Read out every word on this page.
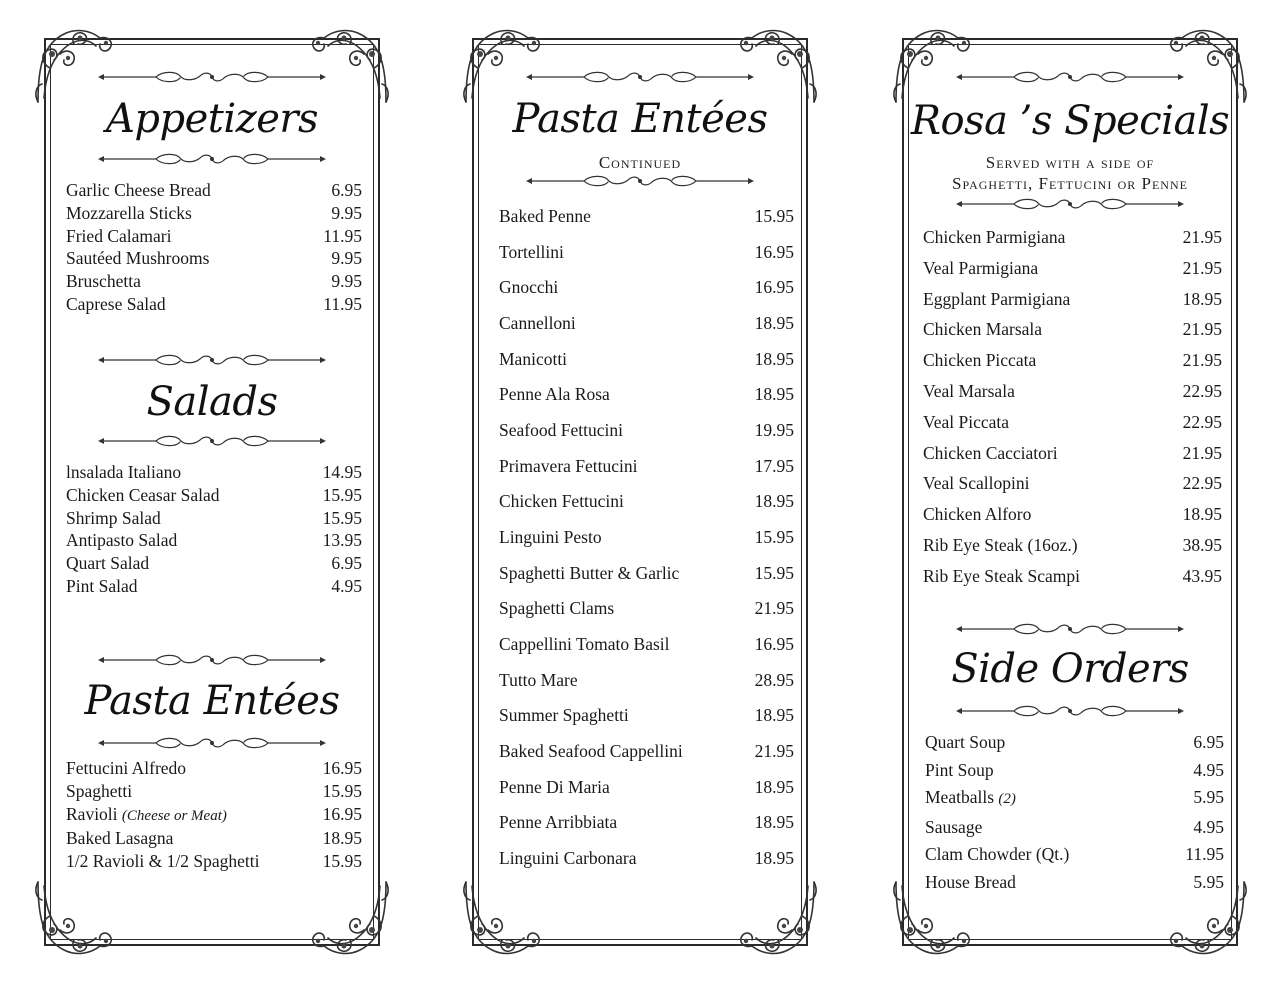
Appetizers
Garlic Cheese Bread	6.95
Mozzarella Sticks	9.95
Fried Calamari	11.95
Sautéed Mushrooms	9.95
Bruschetta	9.95
Caprese Salad	11.95
Salads
lnsalada Italiano	14.95
Chicken Ceasar Salad	15.95
Shrimp Salad	15.95
Antipasto Salad	13.95
Quart Salad	6.95
Pint Salad	4.95
Pasta Entées
Fettucini Alfredo	16.95
Spaghetti	15.95
Ravioli (Cheese or Meat)	16.95
Baked Lasagna	18.95
1/2 Ravioli & 1/2 Spaghetti	15.95
Pasta Entées
Continued
Baked Penne	15.95
Tortellini	16.95
Gnocchi	16.95
Cannelloni	18.95
Manicotti	18.95
Penne Ala Rosa	18.95
Seafood Fettucini	19.95
Primavera Fettucini	17.95
Chicken Fettucini	18.95
Linguini Pesto	15.95
Spaghetti Butter & Garlic	15.95
Spaghetti Clams	21.95
Cappellini Tomato Basil	16.95
Tutto Mare	28.95
Summer Spaghetti	18.95
Baked Seafood Cappellini	21.95
Penne Di Maria	18.95
Penne Arribbiata	18.95
Linguini Carbonara	18.95
Rosa ’s Specials
Served with a side of
Spaghetti, Fettucini or Penne
Chicken Parmigiana	21.95
Veal Parmigiana	21.95
Eggplant Parmigiana	18.95
Chicken Marsala	21.95
Chicken Piccata	21.95
Veal Marsala	22.95
Veal Piccata	22.95
Chicken Cacciatori	21.95
Veal Scallopini	22.95
Chicken Alforo	18.95
Rib Eye Steak (16oz.)	38.95
Rib Eye Steak Scampi	43.95
Side Orders
Quart Soup	6.95
Pint Soup	4.95
Meatballs (2)	5.95
Sausage	4.95
Clam Chowder (Qt.)	11.95
House Bread	5.95
